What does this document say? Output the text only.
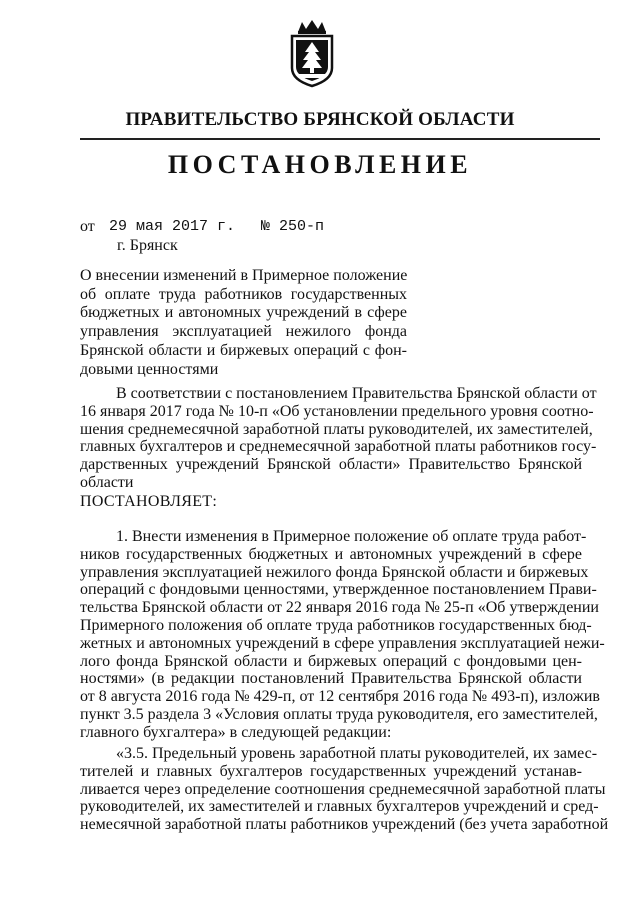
ПРАВИТЕЛЬСТВО БРЯНСКОЙ ОБЛАСТИ
ПОСТАНОВЛЕНИЕ
от 29 мая 2017 г. № 250-п
г. Брянск
О внесении изменений в Примерное положение
об оплате труда работников государственных
бюджетных и автономных учреждений в сфере
управления эксплуатацией нежилого фонда
Брянской области и биржевых операций с фон-
довыми ценностями
В соответствии с постановлением Правительства Брянской области от
16 января 2017 года № 10-п «Об установлении предельного уровня соотно-
шения среднемесячной заработной платы руководителей, их заместителей,
главных бухгалтеров и среднемесячной заработной платы работников госу-
дарственных учреждений Брянской области» Правительство Брянской
области
ПОСТАНОВЛЯЕТ:
1. Внести изменения в Примерное положение об оплате труда работ-
ников государственных бюджетных и автономных учреждений в сфере
управления эксплуатацией нежилого фонда Брянской области и биржевых
операций с фондовыми ценностями, утвержденное постановлением Прави-
тельства Брянской области от 22 января 2016 года № 25-п «Об утверждении
Примерного положения об оплате труда работников государственных бюд-
жетных и автономных учреждений в сфере управления эксплуатацией нежи-
лого фонда Брянской области и биржевых операций с фондовыми цен-
ностями» (в редакции постановлений Правительства Брянской области
от 8 августа 2016 года № 429-п, от 12 сентября 2016 года № 493-п), изложив
пункт 3.5 раздела 3 «Условия оплаты труда руководителя, его заместителей,
главного бухгалтера» в следующей редакции:
«3.5. Предельный уровень заработной платы руководителей, их замес-
тителей и главных бухгалтеров государственных учреждений устанав-
ливается через определение соотношения среднемесячной заработной платы
руководителей, их заместителей и главных бухгалтеров учреждений и сред-
немесячной заработной платы работников учреждений (без учета заработной
